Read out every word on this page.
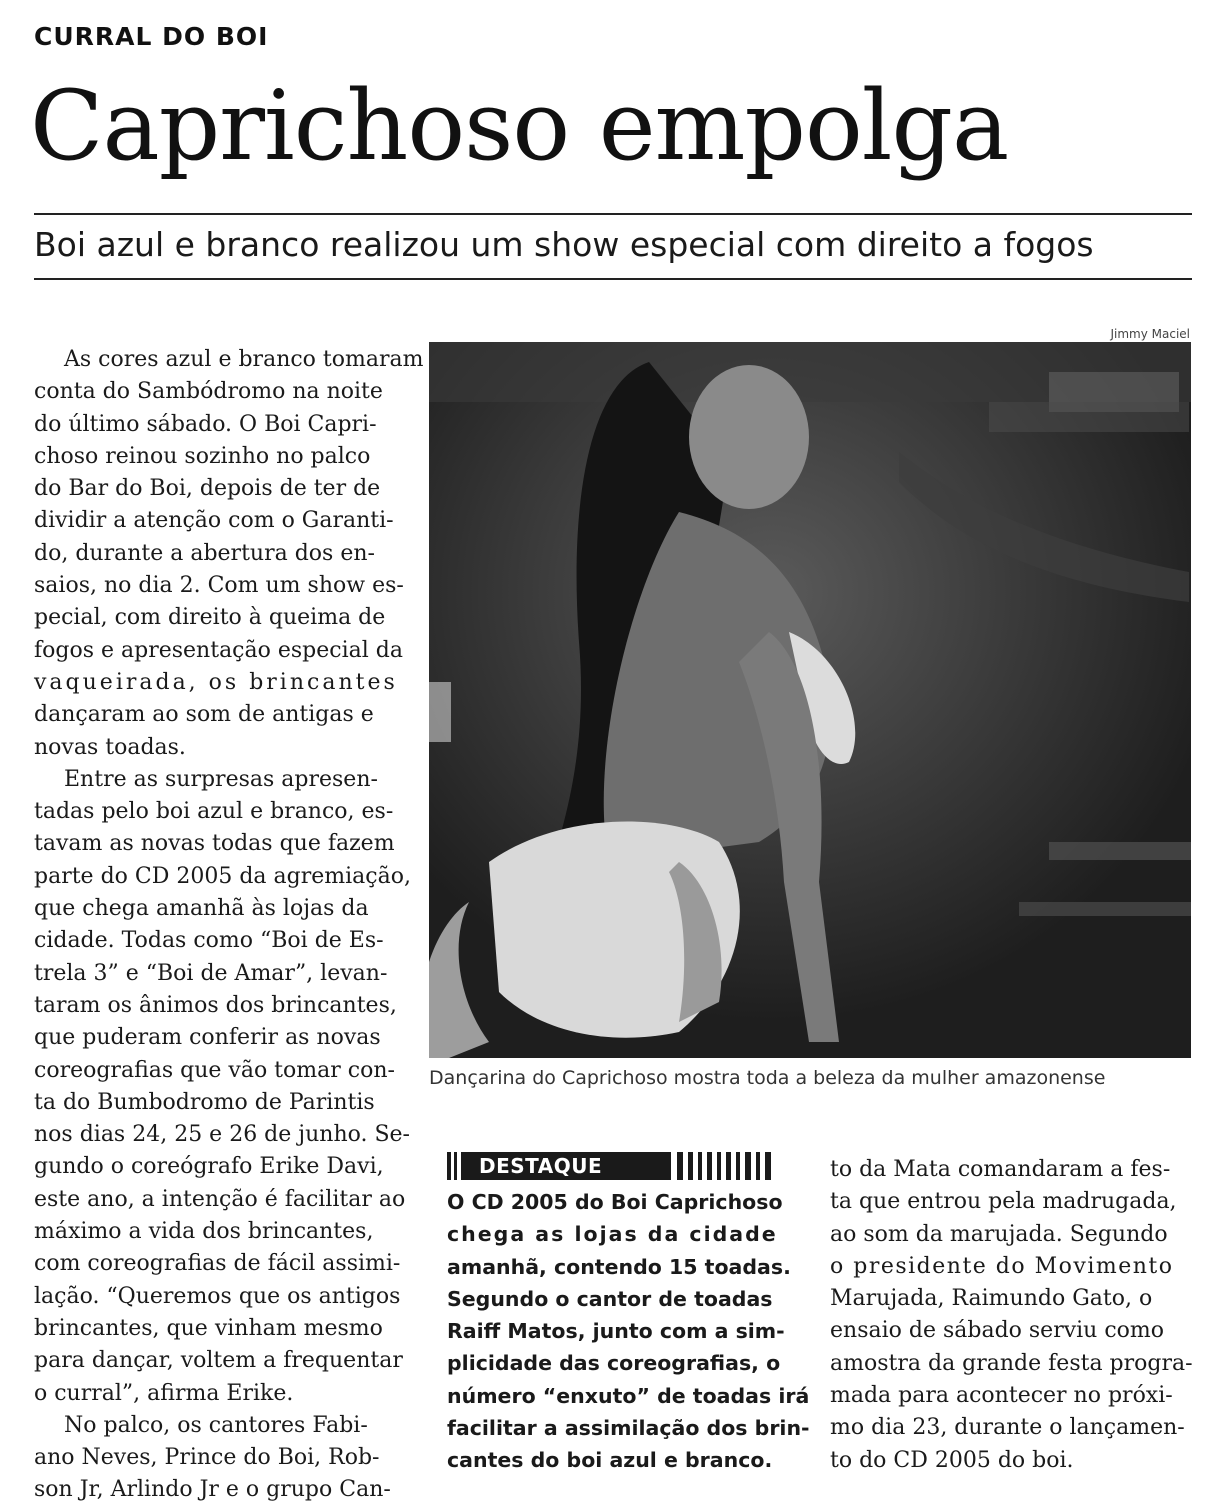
CURRAL DO BOI
Caprichoso empolga
Boi azul e branco realizou um show especial com direito a fogos
Jimmy Maciel
Dançarina do Caprichoso mostra toda a beleza da mulher amazonense
As cores azul e branco tomaram
conta do Sambódromo na noite
do último sábado. O Boi Capri-
choso reinou sozinho no palco
do Bar do Boi, depois de ter de
dividir a atenção com o Garanti-
do, durante a abertura dos en-
saios, no dia 2. Com um show es-
pecial, com direito à queima de
fogos e apresentação especial da
vaqueirada, os brincantes
dançaram ao som de antigas e
novas toadas.
Entre as surpresas apresen-
tadas pelo boi azul e branco, es-
tavam as novas todas que fazem
parte do CD 2005 da agremiação,
que chega amanhã às lojas da
cidade. Todas como “Boi de Es-
trela 3” e “Boi de Amar”, levan-
taram os ânimos dos brincantes,
que puderam conferir as novas
coreografias que vão tomar con-
ta do Bumbodromo de Parintis
nos dias 24, 25 e 26 de junho. Se-
gundo o coreógrafo Erike Davi,
este ano, a intenção é facilitar ao
máximo a vida dos brincantes,
com coreografias de fácil assimi-
lação. “Queremos que os antigos
brincantes, que vinham mesmo
para dançar, voltem a frequentar
o curral”, afirma Erike.
No palco, os cantores Fabi-
ano Neves, Prince do Boi, Rob-
son Jr, Arlindo Jr e o grupo Can-
DESTAQUE
O CD 2005 do Boi Caprichoso
chega as lojas da cidade
amanhã, contendo 15 toadas.
Segundo o cantor de toadas
Raiff Matos, junto com a sim-
plicidade das coreografias, o
número “enxuto” de toadas irá
facilitar a assimilação dos brin-
cantes do boi azul e branco.
to da Mata comandaram a fes-
ta que entrou pela madrugada,
ao som da marujada. Segundo
o presidente do Movimento
Marujada, Raimundo Gato, o
ensaio de sábado serviu como
amostra da grande festa progra-
mada para acontecer no próxi-
mo dia 23, durante o lançamen-
to do CD 2005 do boi.
